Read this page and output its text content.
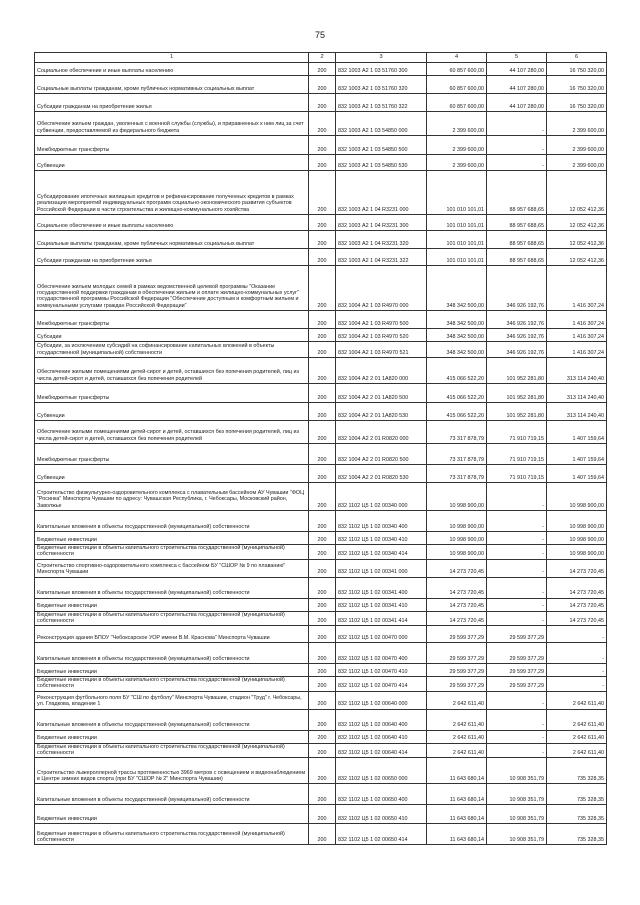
75
1	2	3	4	5	6
Социальное обеспечение и иные выплаты населению	200	832 1003 А2 1 03 51760 300	60 857 600,00	44 107 280,00	16 750 320,00
Социальные выплаты гражданам, кроме публичных нормативных социальных выплат	200	832 1003 А2 1 03 51760 320	60 857 600,00	44 107 280,00	16 750 320,00
Субсидии гражданам на приобретение жилья	200	832 1003 А2 1 03 51760 322	60 857 600,00	44 107 280,00	16 750 320,00
Обеспечение жильем граждан, уволенных с военной службы (службы), и приравненных к ним лиц за счет субвенции, предоставляемой из федерального бюджета	200	832 1003 А2 1 03 54850 000	2 399 600,00	-	2 399 600,00
Межбюджетные трансферты	200	832 1003 А2 1 03 54850 500	2 399 600,00	-	2 399 600,00
Субвенции	200	832 1003 А2 1 03 54850 530	2 399 600,00	-	2 399 600,00
Субсидирование ипотечных жилищных кредитов и рефинансирование полученных кредитов в рамках реализации мероприятий индивидуальных программ социально-экономического развития субъектов Российской Федерации в части строительства и жилищно-коммунального хозяйства	200	832 1003 А2 1 04 R3231 000	101 010 101,01	88 957 688,65	12 052 412,36
Социальное обеспечение и иные выплаты населению	200	832 1003 А2 1 04 R3231 300	101 010 101,01	88 957 688,65	12 052 412,36
Социальные выплаты гражданам, кроме публичных нормативных социальных выплат	200	832 1003 А2 1 04 R3231 320	101 010 101,01	88 957 688,65	12 052 412,36
Субсидии гражданам на приобретение жилья	200	832 1003 А2 1 04 R3231 322	101 010 101,01	88 957 688,65	12 052 412,36
Обеспечение жильем молодых семей в рамках ведомственной целевой программы "Оказание государственной поддержки гражданам в обеспечении жильем и оплате жилищно-коммунальных услуг" государственной программы Российской Федерации "Обеспечение доступным и комфортным жильем и коммунальными услугами граждан Российской Федерации"	200	832 1004 А2 1 03 R4970 000	348 342 500,00	346 926 192,76	1 416 307,24
Межбюджетные трансферты	200	832 1004 А2 1 03 R4970 500	348 342 500,00	346 926 192,76	1 416 307,24
Субсидии	200	832 1004 А2 1 03 R4970 520	348 342 500,00	346 926 192,76	1 416 307,24
Субсидии, за исключением субсидий на софинансирование капитальных вложений в объекты государственной (муниципальной) собственности	200	832 1004 А2 1 03 R4970 521	348 342 500,00	346 926 192,76	1 416 307,24
Обеспечение жилыми помещениями детей-сирот и детей, оставшихся без попечения родителей, лиц из числа детей-сирот и детей, оставшихся без попечения родителей	200	832 1004 А2 2 01 1А820 000	415 066 522,20	101 952 281,80	313 114 240,40
Межбюджетные трансферты	200	832 1004 А2 2 01 1А820 500	415 066 522,20	101 952 281,80	313 114 240,40
Субвенции	200	832 1004 А2 2 01 1А820 530	415 066 522,20	101 952 281,80	313 114 240,40
Обеспечение жилыми помещениями детей-сирот и детей, оставшихся без попечения родителей, лиц из числа детей-сирот и детей, оставшихся без попечения родителей	200	832 1004 А2 2 01 R0820 000	73 317 878,79	71 910 719,15	1 407 159,64
Межбюджетные трансферты	200	832 1004 А2 2 01 R0820 500	73 317 878,79	71 910 719,15	1 407 159,64
Субвенции	200	832 1004 А2 2 01 R0820 530	73 317 878,79	71 910 719,15	1 407 159,64
Строительство физкультурно-оздоровительного комплекса с плавательным бассейном АУ Чувашии "ФОЦ "Росинка" Минспорта Чувашии по адресу: Чувашская Республика, г. Чебоксары, Московский район, Заволжье	200	832 1102 Ц5 1 02 00340 000	10 998 900,00	-	10 998 900,00
Капитальные вложения в объекты государственной (муниципальной) собственности	200	832 1102 Ц5 1 02 00340 400	10 998 900,00	-	10 998 900,00
Бюджетные инвестиции	200	832 1102 Ц5 1 02 00340 410	10 998 900,00	-	10 998 900,00
Бюджетные инвестиции в объекты капитального строительства государственной (муниципальной) собственности	200	832 1102 Ц5 1 02 00340 414	10 998 900,00	-	10 998 900,00
Строительство спортивно-оздоровительного комплекса с бассейном БУ "СШОР № 9 по плаванию" Минспорта Чувашии	200	832 1102 Ц5 1 02 00341 000	14 273 720,45	-	14 273 720,45
Капитальные вложения в объекты государственной (муниципальной) собственности	200	832 1102 Ц5 1 02 00341 400	14 273 720,45	-	14 273 720,45
Бюджетные инвестиции	200	832 1102 Ц5 1 02 00341 410	14 273 720,45	-	14 273 720,45
Бюджетные инвестиции в объекты капитального строительства государственной (муниципальной) собственности	200	832 1102 Ц5 1 02 00341 414	14 273 720,45	-	14 273 720,45
Реконструкция здания БПОУ "Чебоксарское УОР имени В.М. Краснова" Минспорта Чувашии	200	832 1102 Ц5 1 02 00470 000	29 599 377,29	29 599 377,29	-
Капитальные вложения в объекты государственной (муниципальной) собственности	200	832 1102 Ц5 1 02 00470 400	29 599 377,29	29 599 377,29	-
Бюджетные инвестиции	200	832 1102 Ц5 1 02 00470 410	29 599 377,29	29 599 377,29	-
Бюджетные инвестиции в объекты капитального строительства государственной (муниципальной) собственности	200	832 1102 Ц5 1 02 00470 414	29 599 377,29	29 599 377,29	-
Реконструкция футбольного поля БУ "СШ по футболу" Минспорта Чувашии, стадион "Труд" г. Чебоксары, ул. Гладкова, владение 1	200	832 1102 Ц5 1 02 00640 000	2 642 611,40	-	2 642 611,40
Капитальные вложения в объекты государственной (муниципальной) собственности	200	832 1102 Ц5 1 02 00640 400	2 642 611,40	-	2 642 611,40
Бюджетные инвестиции	200	832 1102 Ц5 1 02 00640 410	2 642 611,40	-	2 642 611,40
Бюджетные инвестиции в объекты капитального строительства государственной (муниципальной) собственности	200	832 1102 Ц5 1 02 00640 414	2 642 611,40	-	2 642 611,40
Строительство лыжероллерной трассы протяженностью 3969 метров с освещением и видеонаблюдением в Центре зимних видов спорта (при БУ "СШОР № 2" Минспорта Чувашии)	200	832 1102 Ц5 1 02 00650 000	11 643 680,14	10 908 351,79	735 328,35
Капитальные вложения в объекты государственной (муниципальной) собственности	200	832 1102 Ц5 1 02 00650 400	11 643 680,14	10 908 351,79	735 328,35
Бюджетные инвестиции	200	832 1102 Ц5 1 02 00650 410	11 643 680,14	10 908 351,79	735 328,35
Бюджетные инвестиции в объекты капитального строительства государственной (муниципальной) собственности	200	832 1102 Ц5 1 02 00650 414	11 643 680,14	10 908 351,79	735 328,35
